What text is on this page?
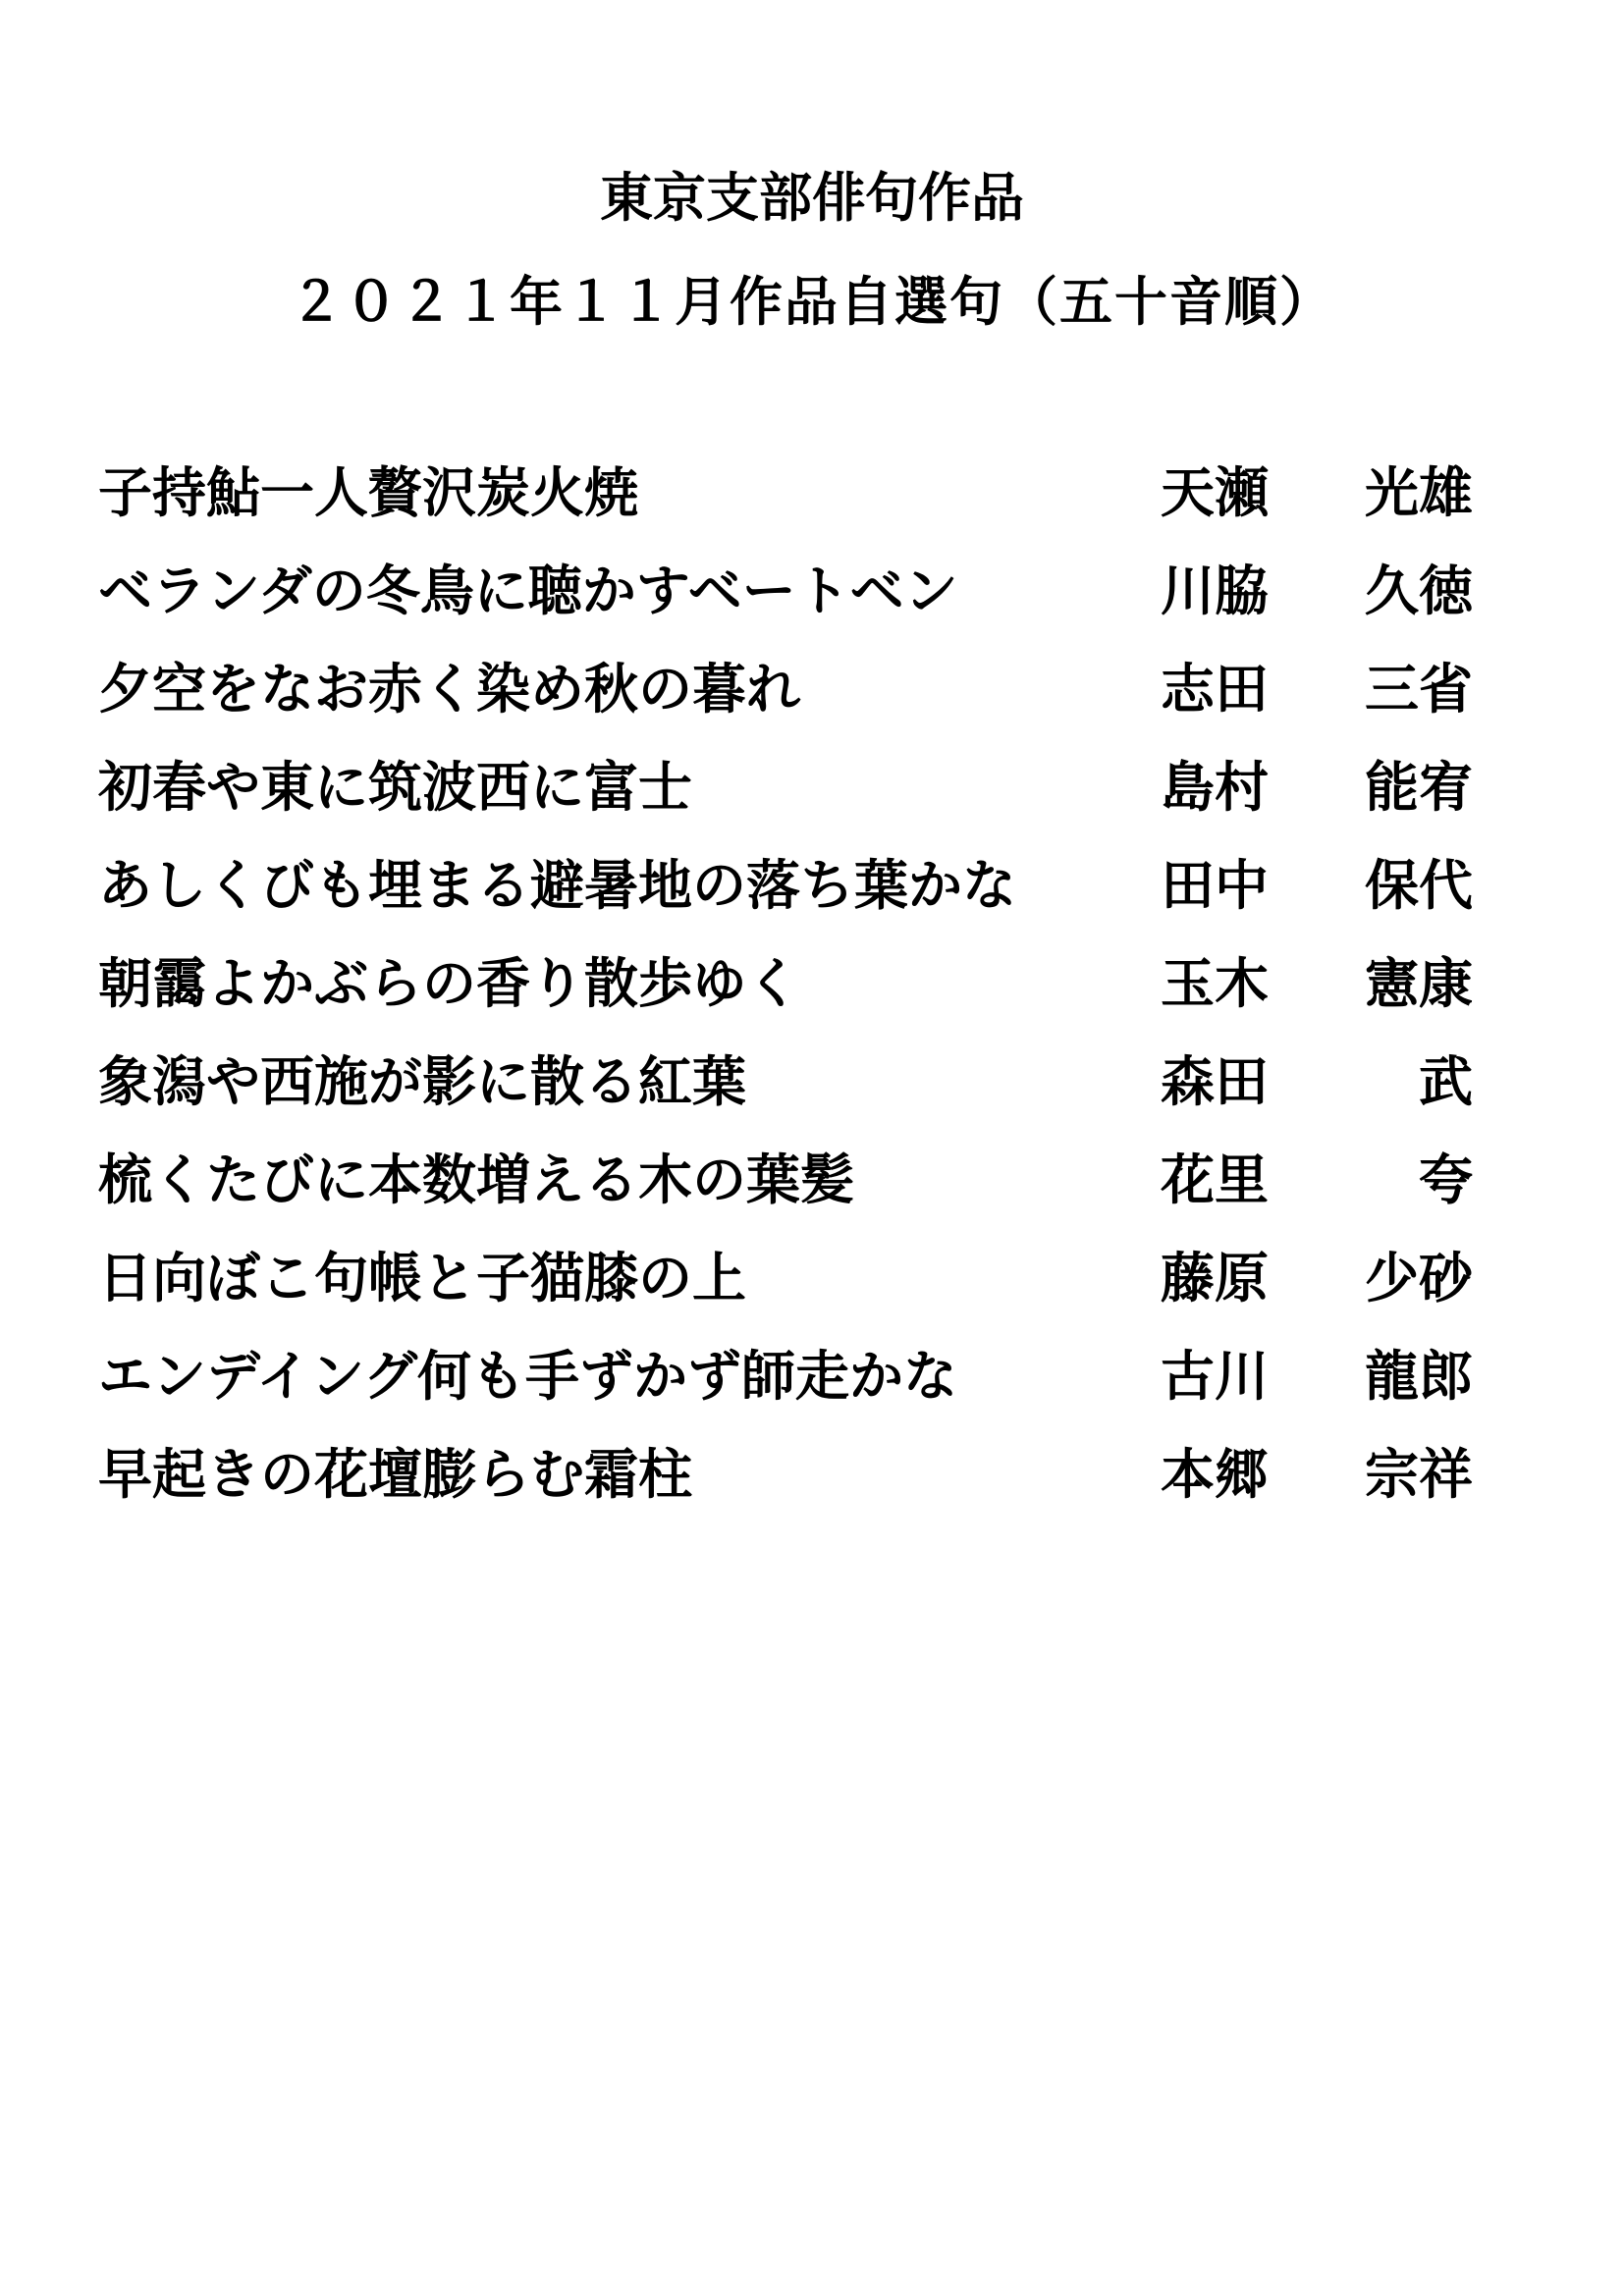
東京支部俳句作品
２０２１年１１月作品自選句（五十音順）
子持鮎一人贅沢炭火焼	天瀬	光雄
ベランダの冬鳥に聴かすベートベン	川脇	久徳
夕空をなお赤く染め秋の暮れ	志田	三省
初春や東に筑波西に富士	島村	能宥
あしくびも埋まる避暑地の落ち葉かな	田中	保代
朝靄よかぶらの香り散歩ゆく	玉木	憲康
象潟や西施が影に散る紅葉	森田	武
梳くたびに本数増える木の葉髪	花里	夸
日向ぼこ句帳と子猫膝の上	藤原	少砂
エンデイング何も手ずかず師走かな	古川	龍郎
早起きの花壇膨らむ霜柱	本郷	宗祥
